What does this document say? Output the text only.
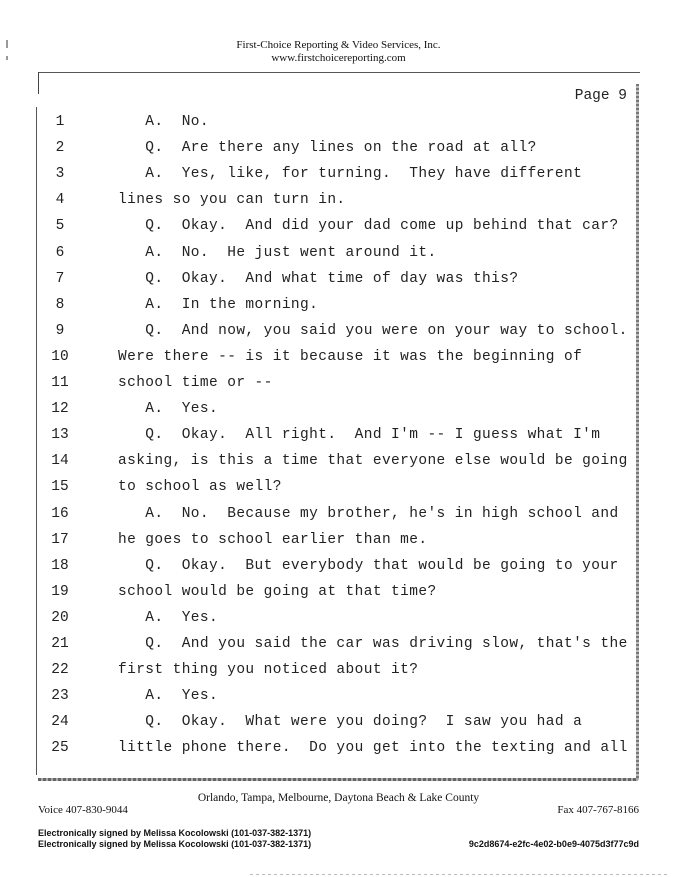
First-Choice Reporting & Video Services, Inc.
www.firstchoicereporting.com
Page 9
1	A.  No.
2	Q.  Are there any lines on the road at all?
3	A.  Yes, like, for turning.  They have different
4	lines so you can turn in.
5	Q.  Okay.  And did your dad come up behind that car?
6	A.  No.  He just went around it.
7	Q.  Okay.  And what time of day was this?
8	A.  In the morning.
9	Q.  And now, you said you were on your way to school.
10	Were there -- is it because it was the beginning of
11	school time or --
12	A.  Yes.
13	Q.  Okay.  All right.  And I'm -- I guess what I'm
14	asking, is this a time that everyone else would be going
15	to school as well?
16	A.  No.  Because my brother, he's in high school and
17	he goes to school earlier than me.
18	Q.  Okay.  But everybody that would be going to your
19	school would be going at that time?
20	A.  Yes.
21	Q.  And you said the car was driving slow, that's the
22	first thing you noticed about it?
23	A.  Yes.
24	Q.  Okay.  What were you doing?  I saw you had a
25	little phone there.  Do you get into the texting and all
Orlando, Tampa, Melbourne, Daytona Beach & Lake County
Voice 407-830-9044	Fax 407-767-8166
Electronically signed by Melissa Kocolowski (101-037-382-1371)
Electronically signed by Melissa Kocolowski (101-037-382-1371)	9c2d8674-e2fc-4e02-b0e9-4075d3f77c9d
